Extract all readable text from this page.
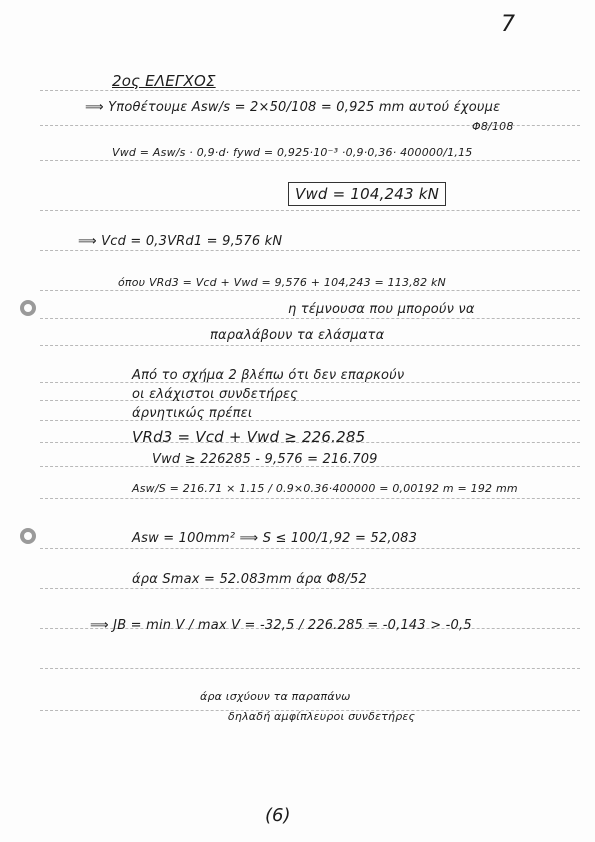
7
2ος ΕΛΕΓΧΟΣ
⟹ Υποθέτουμε Asw/s = 2×50/108 = 0,925 mm αυτού έχουμε
Φ8/108
Vwd = Asw/s · 0,9·d· fywd = 0,925·10⁻³ ·0,9·0,36· 400000/1,15
Vwd = 104,243 kN
⟹ Vcd = 0,3VRd1 = 9,576 kN
όπου VRd3 = Vcd + Vwd = 9,576 + 104,243 = 113,82 kN
η τέμνουσα που μπορούν να
παραλάβουν τα ελάσματα
Από το σχήμα 2 βλέπω ότι δεν επαρκούν
οι ελάχιστοι συνδετήρες
άρνητικώς πρέπει
VRd3 = Vcd + Vwd ≥ 226.285
Vwd ≥ 226285 - 9,576 = 216.709
Asw/S = 216.71 × 1.15 / 0.9×0.36·400000 = 0,00192 m = 192 mm
Asw = 100mm² ⟹ S ≤ 100/1,92 = 52,083
άρα Smax = 52.083mm άρα Φ8/52
⟹ JB = min V / max V = -32,5 / 226.285 = -0,143 > -0,5
άρα ισχύουν τα παραπάνω
δηλαδή αμφίπλευροι συνδετήρες
(6)
